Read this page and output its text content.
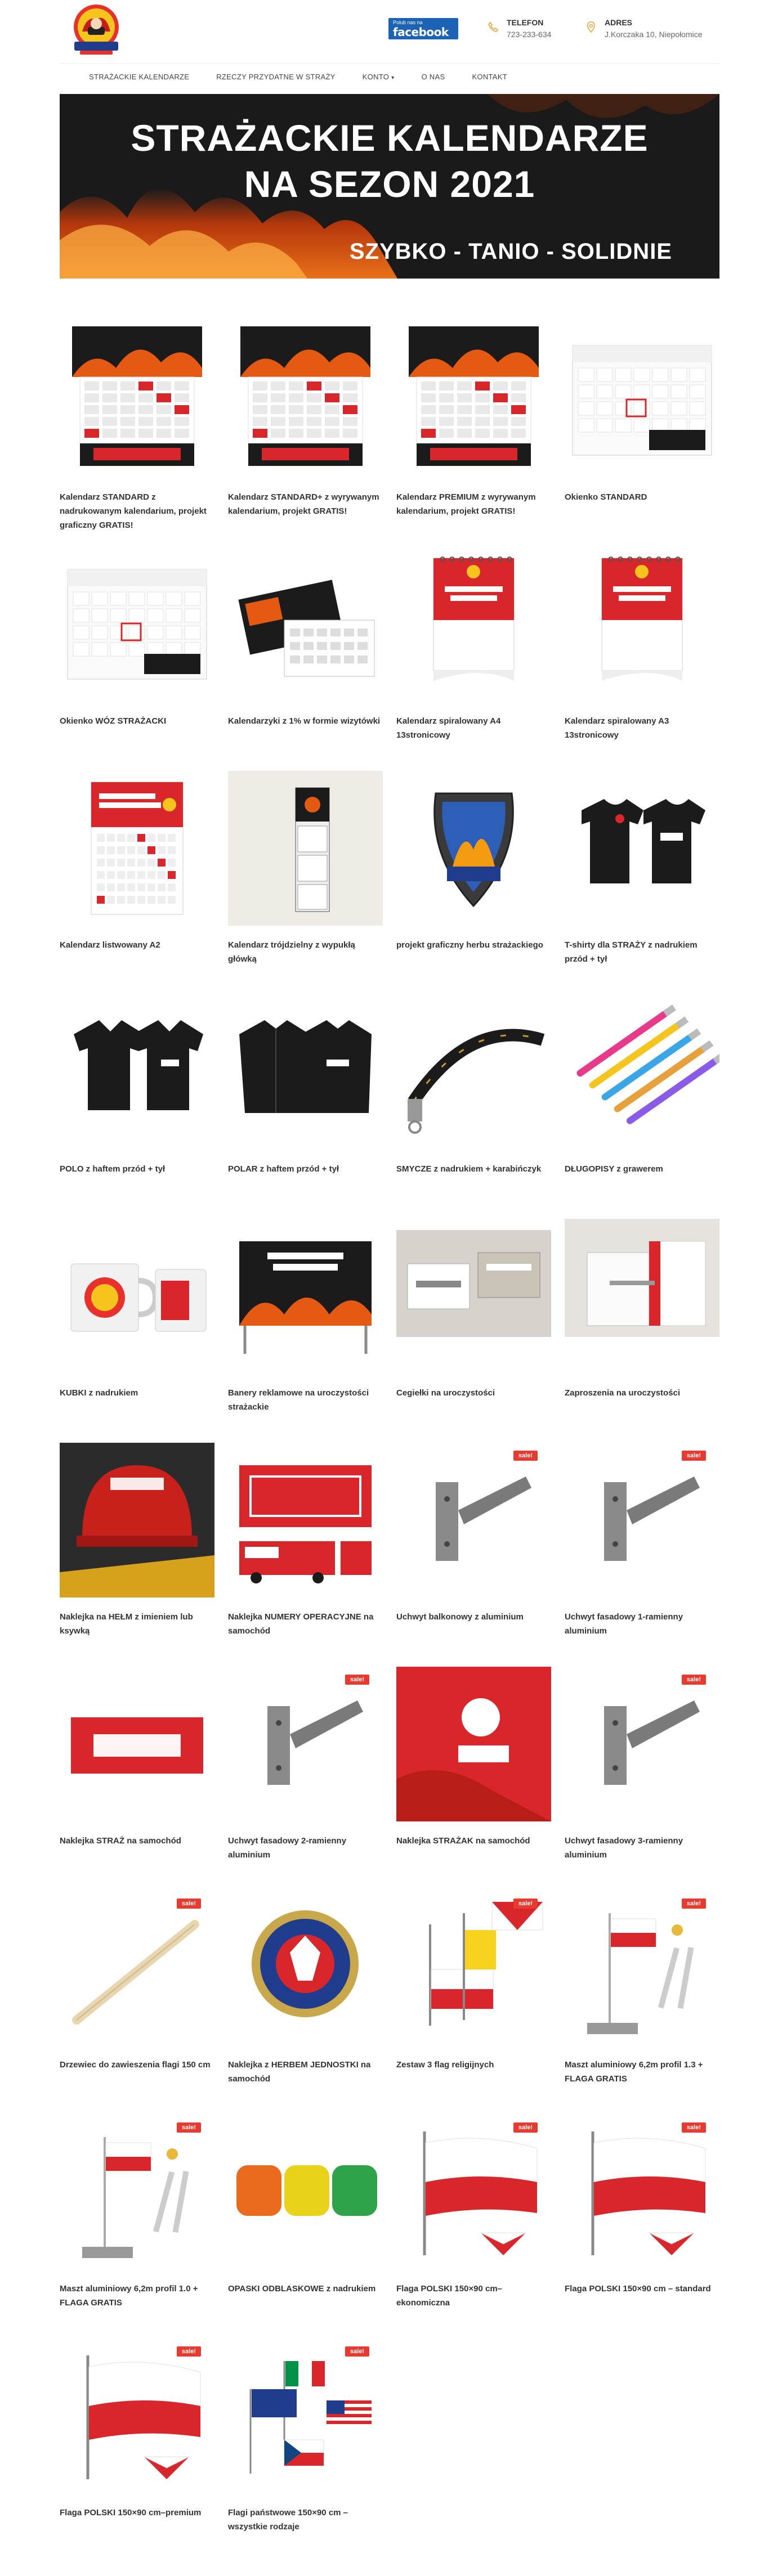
Polub nas na
facebook
TELEFON
723-233-634
ADRES
J.Korczaka 10, Niepołomice
STRAŻACKIE KALENDARZE	RZECZY PRZYDATNE W STRAŻY	KONTO ▾	O NAS	KONTAKT
STRAŻACKIE KALENDARZE
NA SEZON 2021
SZYBKO - TANIO - SOLIDNIE
Kalendarz STANDARD z nadrukowanym kalendarium, projekt graficzny GRATIS!
Kalendarz STANDARD+ z wyrywanym kalendarium, projekt GRATIS!
Kalendarz PREMIUM z wyrywanym kalendarium, projekt GRATIS!
Okienko STANDARD
Okienko WÓZ STRAŻACKI	Kalendarzyki z 1% w formie wizytówki	Kalendarz spiralowany A4 13stronicowy
Kalendarz spiralowany A3 13stronicowy
Kalendarz listwowany A2	Kalendarz trójdzielny z wypukłą główką
projekt graficzny herbu strażackiego	T-shirty dla STRAŻY z nadrukiem przód + tył
POLO z haftem przód + tył	POLAR z haftem przód + tył	SMYCZE z nadrukiem + karabińczyk	DŁUGOPISY z grawerem
KUBKI z nadrukiem	Banery reklamowe na uroczystości strażackie
Cegiełki na uroczystości	Zaproszenia na uroczystości
Naklejka na HEŁM z imieniem lub ksywką
Naklejka NUMERY OPERACYJNE na samochód
sale!
Uchwyt balkonowy z aluminium
sale!
Uchwyt fasadowy 1-ramienny aluminium
Naklejka STRAŻ na samochód
sale!
Uchwyt fasadowy 2-ramienny aluminium
Naklejka STRAŻAK na samochód
sale!
Uchwyt fasadowy 3-ramienny aluminium
sale!
Drzewiec do zawieszenia flagi 150 cm	Naklejka z HERBEM JEDNOSTKI na samochód
sale!
Zestaw 3 flag religijnych
sale!
Maszt aluminiowy 6,2m profil 1.3 + FLAGA GRATIS
sale!
Maszt aluminiowy 6,2m profil 1.0 + FLAGA GRATIS
OPASKI ODBLASKOWE z nadrukiem
sale!
Flaga POLSKI 150×90 cm–ekonomiczna
sale!
Flaga POLSKI 150×90 cm – standard
sale!
Flaga POLSKI 150×90 cm–premium
sale!
Flagi państwowe 150×90 cm – wszystkie rodzaje
